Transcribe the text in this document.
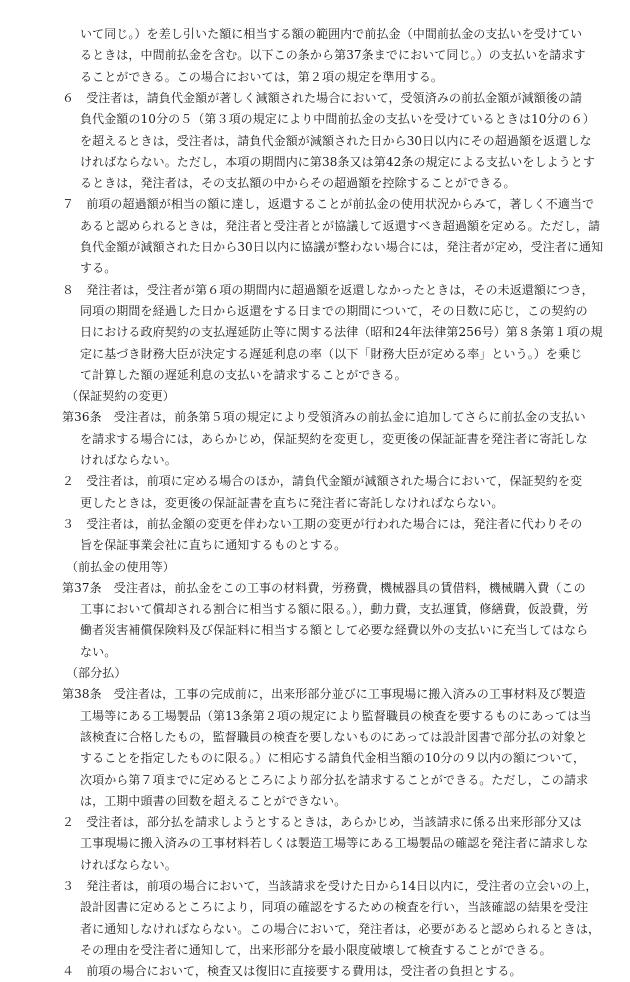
いて同じ。）を差し引いた額に相当する額の範囲内で前払金（中間前払金の支払いを受けてい
るときは，中間前払金を含む。以下この条から第37条までにおいて同じ。）の支払いを請求す
ることができる。この場合においては，第２項の規定を準用する。
６　受注者は，請負代金額が著しく減額された場合において，受領済みの前払金額が減額後の請
負代金額の10分の５（第３項の規定により中間前払金の支払いを受けているときは10分の６）
を超えるときは，受注者は，請負代金額が減額された日から30日以内にその超過額を返還しな
ければならない。ただし，本項の期間内に第38条又は第42条の規定による支払いをしようとす
るときは，発注者は，その支払額の中からその超過額を控除することができる。
７　前項の超過額が相当の額に達し，返還することが前払金の使用状況からみて，著しく不適当で
あると認められるときは，発注者と受注者とが協議して返還すべき超過額を定める。ただし，請
負代金額が減額された日から30日以内に協議が整わない場合には，発注者が定め，受注者に通知
する。
８　発注者は，受注者が第６項の期間内に超過額を返還しなかったときは，その未返還額につき，
同項の期間を経過した日から返還をする日までの期間について，その日数に応じ，この契約の
日における政府契約の支払遅延防止等に関する法律（昭和24年法律第256号）第８条第１項の規
定に基づき財務大臣が決定する遅延利息の率（以下「財務大臣が定める率」という。）を乗じ
て計算した額の遅延利息の支払いを請求することができる。
（保証契約の変更）
第36条　受注者は，前条第５項の規定により受領済みの前払金に追加してさらに前払金の支払い
を請求する場合には，あらかじめ，保証契約を変更し，変更後の保証証書を発注者に寄託しな
ければならない。
２　受注者は，前項に定める場合のほか，請負代金額が減額された場合において，保証契約を変
更したときは，変更後の保証証書を直ちに発注者に寄託しなければならない。
３　受注者は，前払金額の変更を伴わない工期の変更が行われた場合には，発注者に代わりその
旨を保証事業会社に直ちに通知するものとする。
（前払金の使用等）
第37条　受注者は，前払金をこの工事の材料費，労務費，機械器具の賃借料，機械購入費（この
工事において償却される割合に相当する額に限る。），動力費，支払運賃，修繕費，仮設費，労
働者災害補償保険料及び保証料に相当する額として必要な経費以外の支払いに充当してはなら
ない。
（部分払）
第38条　受注者は，工事の完成前に，出来形部分並びに工事現場に搬入済みの工事材料及び製造
工場等にある工場製品（第13条第２項の規定により監督職員の検査を要するものにあっては当
該検査に合格したもの，監督職員の検査を要しないものにあっては設計図書で部分払の対象と
することを指定したものに限る。）に相応する請負代金相当額の10分の９以内の額について，
次項から第７項までに定めるところにより部分払を請求することができる。ただし，この請求
は，工期中頭書の回数を超えることができない。
２　受注者は，部分払を請求しようとするときは，あらかじめ，当該請求に係る出来形部分又は
工事現場に搬入済みの工事材料若しくは製造工場等にある工場製品の確認を発注者に請求しな
ければならない。
３　発注者は，前項の場合において，当該請求を受けた日から14日以内に，受注者の立会いの上，
設計図書に定めるところにより，同項の確認をするための検査を行い，当該確認の結果を受注
者に通知しなければならない。この場合において，発注者は，必要があると認められるときは，
その理由を受注者に通知して，出来形部分を最小限度破壊して検査することができる。
４　前項の場合において，検査又は復旧に直接要する費用は，受注者の負担とする。
